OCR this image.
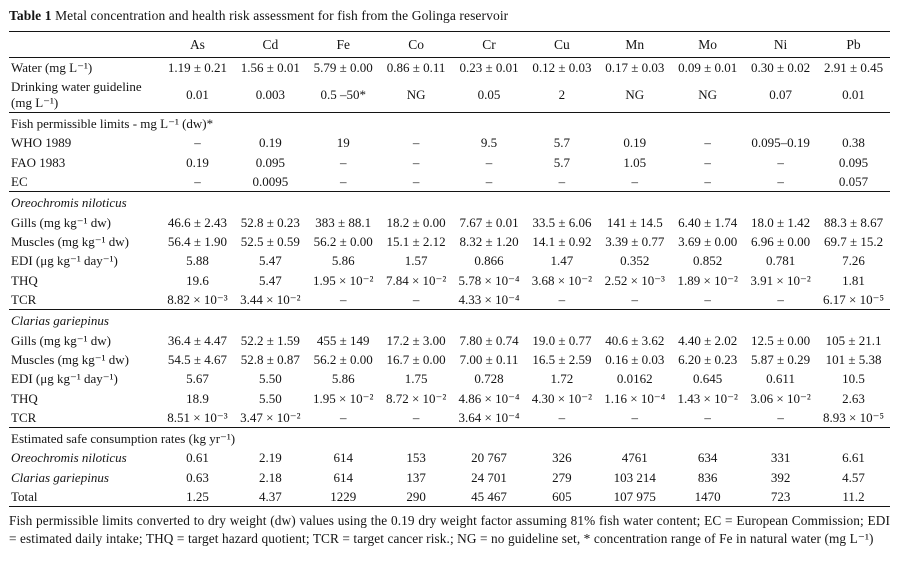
Table 1 Metal concentration and health risk assessment for fish from the Golinga reservoir
	As	Cd	Fe	Co	Cr	Cu	Mn	Mo	Ni	Pb
Water (mg L⁻¹)	1.19 ± 0.21	1.56 ± 0.01	5.79 ± 0.00	0.86 ± 0.11	0.23 ± 0.01	0.12 ± 0.03	0.17 ± 0.03	0.09 ± 0.01	0.30 ± 0.02	2.91 ± 0.45
Drinking water guideline (mg L⁻¹)	0.01	0.003	0.5 –50*	NG	0.05	2	NG	NG	0.07	0.01
Fish permissible limits - mg L⁻¹ (dw)*										
WHO 1989	–	0.19	19	–	9.5	5.7	0.19	–	0.095–0.19	0.38
FAO 1983	0.19	0.095	–	–	–	5.7	1.05	–	–	0.095
EC	–	0.0095	–	–	–	–	–	–	–	0.057
Oreochromis niloticus										
Gills (mg kg⁻¹ dw)	46.6 ± 2.43	52.8 ± 0.23	383 ± 88.1	18.2 ± 0.00	7.67 ± 0.01	33.5 ± 6.06	141 ± 14.5	6.40 ± 1.74	18.0 ± 1.42	88.3 ± 8.67
Muscles (mg kg⁻¹ dw)	56.4 ± 1.90	52.5 ± 0.59	56.2 ± 0.00	15.1 ± 2.12	8.32 ± 1.20	14.1 ± 0.92	3.39 ± 0.77	3.69 ± 0.00	6.96 ± 0.00	69.7 ± 15.2
EDI (μg kg⁻¹ day⁻¹)	5.88	5.47	5.86	1.57	0.866	1.47	0.352	0.852	0.781	7.26
THQ	19.6	5.47	1.95 × 10⁻²	7.84 × 10⁻²	5.78 × 10⁻⁴	3.68 × 10⁻²	2.52 × 10⁻³	1.89 × 10⁻²	3.91 × 10⁻²	1.81
TCR	8.82 × 10⁻³	3.44 × 10⁻²	–	–	4.33 × 10⁻⁴	–	–	–	–	6.17 × 10⁻⁵
Clarias gariepinus										
Gills (mg kg⁻¹ dw)	36.4 ± 4.47	52.2 ± 1.59	455 ± 149	17.2 ± 3.00	7.80 ± 0.74	19.0 ± 0.77	40.6 ± 3.62	4.40 ± 2.02	12.5 ± 0.00	105 ± 21.1
Muscles (mg kg⁻¹ dw)	54.5 ± 4.67	52.8 ± 0.87	56.2 ± 0.00	16.7 ± 0.00	7.00 ± 0.11	16.5 ± 2.59	0.16 ± 0.03	6.20 ± 0.23	5.87 ± 0.29	101 ± 5.38
EDI (μg kg⁻¹ day⁻¹)	5.67	5.50	5.86	1.75	0.728	1.72	0.0162	0.645	0.611	10.5
THQ	18.9	5.50	1.95 × 10⁻²	8.72 × 10⁻²	4.86 × 10⁻⁴	4.30 × 10⁻²	1.16 × 10⁻⁴	1.43 × 10⁻²	3.06 × 10⁻²	2.63
TCR	8.51 × 10⁻³	3.47 × 10⁻²	–	–	3.64 × 10⁻⁴	–	–	–	–	8.93 × 10⁻⁵
Estimated safe consumption rates (kg yr⁻¹)										
Oreochromis niloticus	0.61	2.19	614	153	20 767	326	4761	634	331	6.61
Clarias gariepinus	0.63	2.18	614	137	24 701	279	103 214	836	392	4.57
Total	1.25	4.37	1229	290	45 467	605	107 975	1470	723	11.2
Fish permissible limits converted to dry weight (dw) values using the 0.19 dry weight factor assuming 81% fish water content; EC = European Commission; EDI = estimated daily intake; THQ = target hazard quotient; TCR = target cancer risk.; NG = no guideline set, * concentration range of Fe in natural water (mg L⁻¹)
